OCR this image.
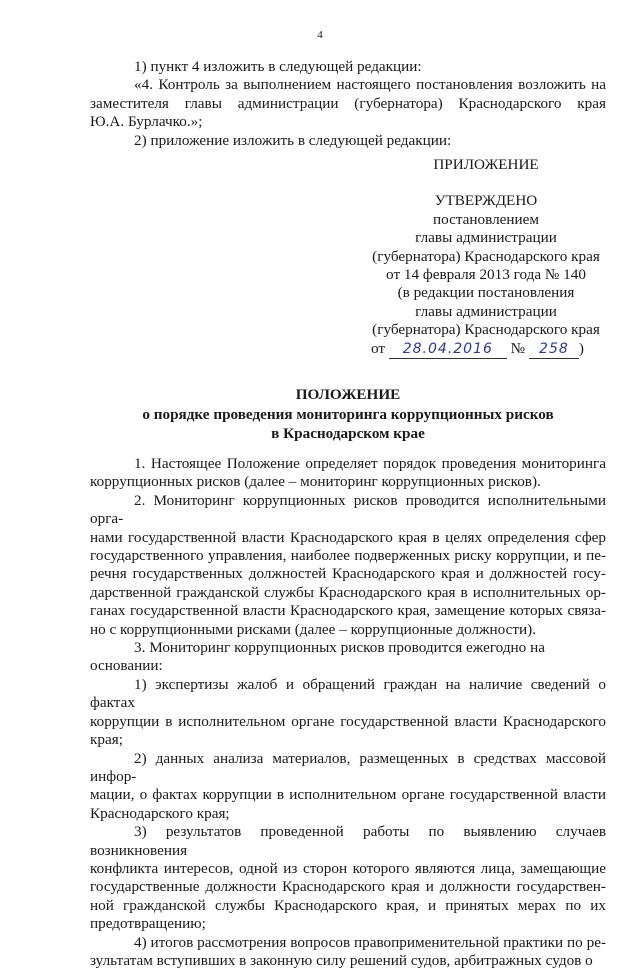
4

1) пункт 4 изложить в следующей редакции:

«4. Контроль за выполнением настоящего постановления возложить на

заместителя главы администрации (губернатора) Краснодарского края

Ю.А. Бурлачко.»;

2) приложение изложить в следующей редакции:

ПРИЛОЖЕНИЕ
УТВЕРЖДЕНО
постановлением
главы администрации
(губернатора) Краснодарского края
от 14 февраля 2013 года № 140
(в редакции постановления
главы администрации
(губернатора) Краснодарского края
от 28.04.2016 № 258 )
ПОЛОЖЕНИЕ
о порядке проведения мониторинга коррупционных рисков
в Краснодарском крае

1. Настоящее Положение определяет порядок проведения мониторинга

коррупционных рисков (далее – мониторинг коррупционных рисков).

2. Мониторинг коррупционных рисков проводится исполнительными орга-

нами государственной власти Краснодарского края в целях определения сфер

государственного управления, наиболее подверженных риску коррупции, и пе-

речня государственных должностей Краснодарского края и должностей госу-

дарственной гражданской службы Краснодарского края в исполнительных ор-

ганах государственной власти Краснодарского края, замещение которых связа-

но с коррупционными рисками (далее – коррупционные должности).

3. Мониторинг коррупционных рисков проводится ежегодно на основании:

1) экспертизы жалоб и обращений граждан на наличие сведений о фактах

коррупции в исполнительном органе государственной власти Краснодарского

края;

2) данных анализа материалов, размещенных в средствах массовой инфор-

мации, о фактах коррупции в исполнительном органе государственной власти

Краснодарского края;

3) результатов проведенной работы по выявлению случаев возникновения

конфликта интересов, одной из сторон которого являются лица, замещающие

государственные должности Краснодарского края и должности государствен-

ной гражданской службы Краснодарского края, и принятых мерах по их

предотвращению;

4) итогов рассмотрения вопросов правоприменительной практики по ре-

зультатам вступивших в законную силу решений судов, арбитражных судов о
